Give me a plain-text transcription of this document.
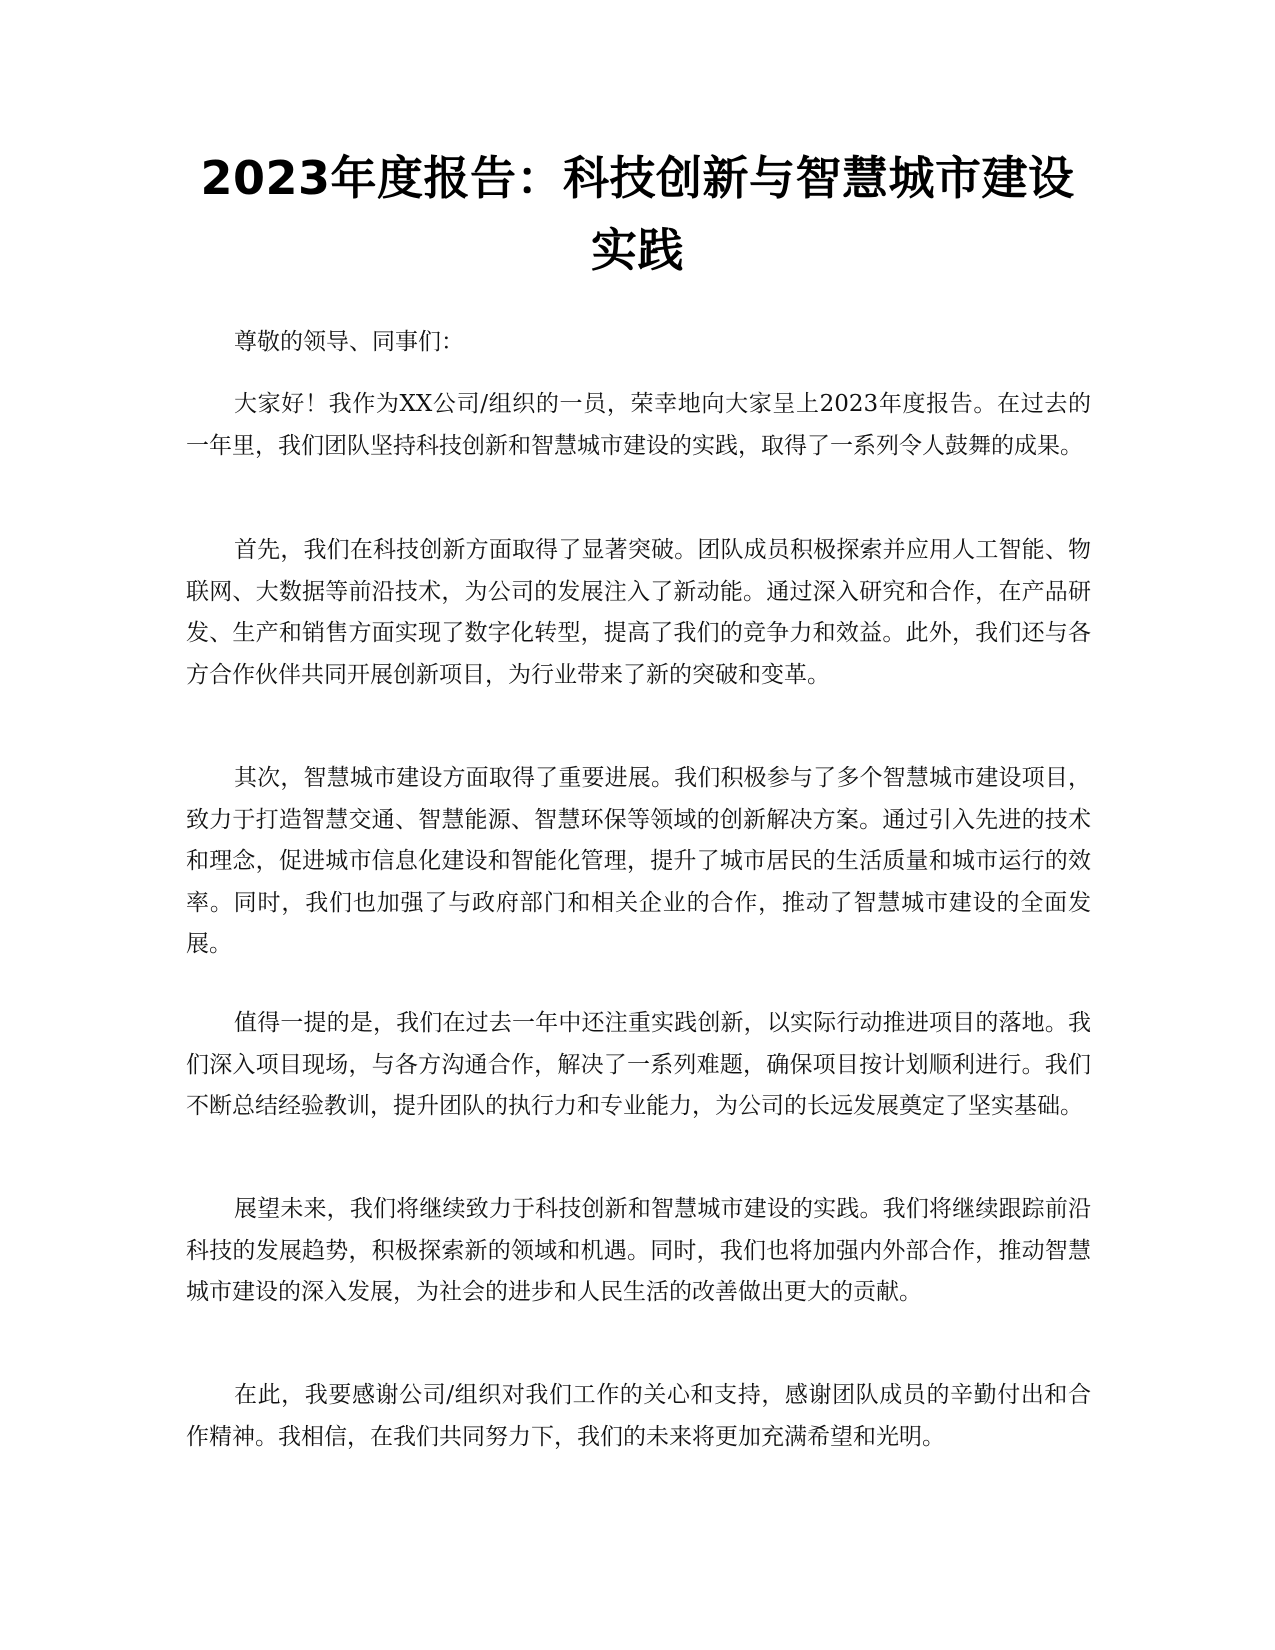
2023年度报告：科技创新与智慧城市建设实践

尊敬的领导、同事们：

大家好！我作为XX公司/组织的一员，荣幸地向大家呈上2023年度报告。在过去的一年里，我们团队坚持科技创新和智慧城市建设的实践，取得了一系列令人鼓舞的成果。

首先，我们在科技创新方面取得了显著突破。团队成员积极探索并应用人工智能、物联网、大数据等前沿技术，为公司的发展注入了新动能。通过深入研究和合作，在产品研发、生产和销售方面实现了数字化转型，提高了我们的竞争力和效益。此外，我们还与各方合作伙伴共同开展创新项目，为行业带来了新的突破和变革。

其次，智慧城市建设方面取得了重要进展。我们积极参与了多个智慧城市建设项目，致力于打造智慧交通、智慧能源、智慧环保等领域的创新解决方案。通过引入先进的技术和理念，促进城市信息化建设和智能化管理，提升了城市居民的生活质量和城市运行的效率。同时，我们也加强了与政府部门和相关企业的合作，推动了智慧城市建设的全面发展。

值得一提的是，我们在过去一年中还注重实践创新，以实际行动推进项目的落地。我们深入项目现场，与各方沟通合作，解决了一系列难题，确保项目按计划顺利进行。我们不断总结经验教训，提升团队的执行力和专业能力，为公司的长远发展奠定了坚实基础。

展望未来，我们将继续致力于科技创新和智慧城市建设的实践。我们将继续跟踪前沿科技的发展趋势，积极探索新的领域和机遇。同时，我们也将加强内外部合作，推动智慧城市建设的深入发展，为社会的进步和人民生活的改善做出更大的贡献。

在此，我要感谢公司/组织对我们工作的关心和支持，感谢团队成员的辛勤付出和合作精神。我相信，在我们共同努力下，我们的未来将更加充满希望和光明。
